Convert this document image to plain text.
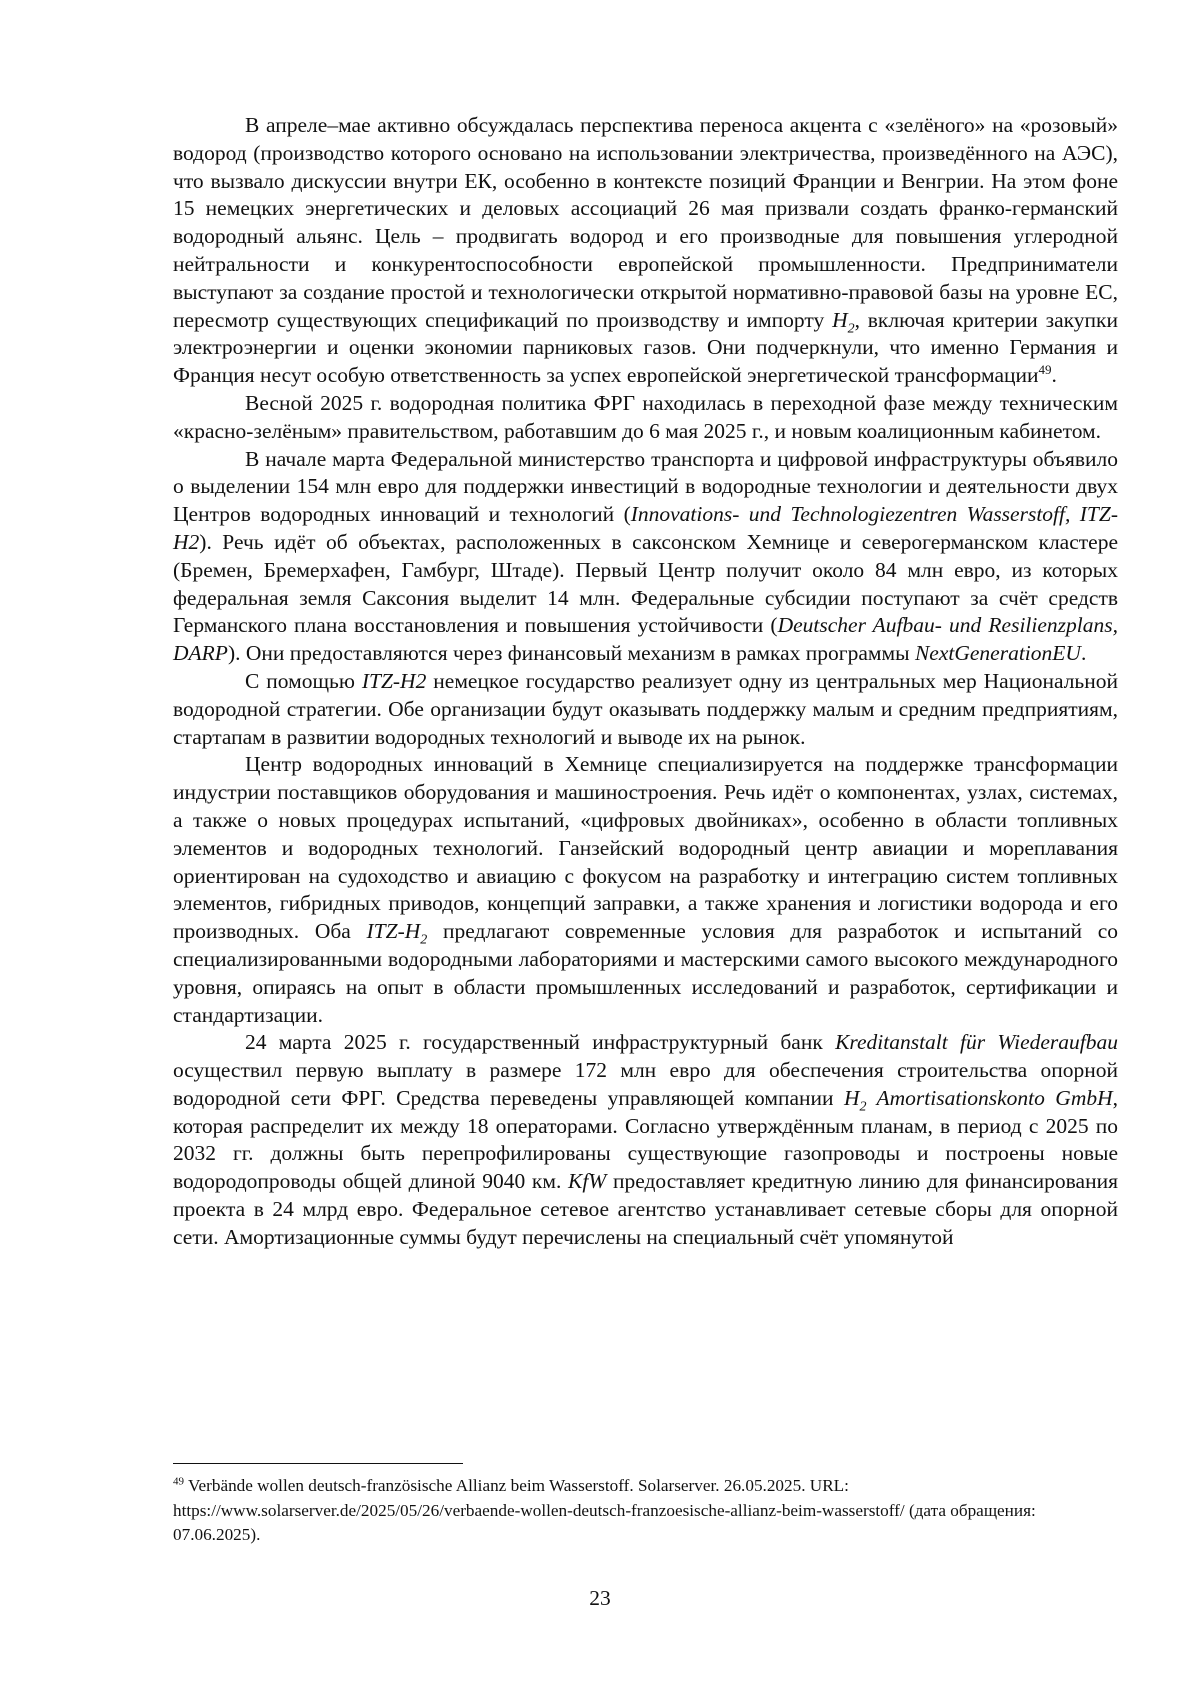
В апреле–мае активно обсуждалась перспектива переноса акцента с «зелёного» на «розовый» водород (производство которого основано на использовании электричества, произведённого на АЭС), что вызвало дискуссии внутри ЕК, особенно в контексте позиций Франции и Венгрии. На этом фоне 15 немецких энергетических и деловых ассоциаций 26 мая призвали создать франко-германский водородный альянс. Цель – продвигать водород и его производные для повышения углеродной нейтральности и конкурентоспособности европейской промышленности. Предприниматели выступают за создание простой и технологически открытой нормативно-правовой базы на уровне ЕС, пересмотр существующих спецификаций по производству и импорту $H_2$, включая критерии закупки электроэнергии и оценки экономии парниковых газов. Они подчеркнули, что именно Германия и Франция несут особую ответственность за успех европейской энергетической трансформации$^{49}$.

Весной 2025 г. водородная политика ФРГ находилась в переходной фазе между техническим «красно-зелёным» правительством, работавшим до 6 мая 2025 г., и новым коалиционным кабинетом.

В начале марта Федеральной министерство транспорта и цифровой инфраструктуры объявило о выделении 154 млн евро для поддержки инвестиций в водородные технологии и деятельности двух Центров водородных инноваций и технологий (Innovations- und Technologiezentren Wasserstoff, ITZ-H2). Речь идёт об объектах, расположенных в саксонском Хемнице и северогерманском кластере (Бремен, Бремерхафен, Гамбург, Штаде). Первый Центр получит около 84 млн евро, из которых федеральная земля Саксония выделит 14 млн. Федеральные субсидии поступают за счёт средств Германского плана восстановления и повышения устойчивости (Deutscher Aufbau- und Resilienzplans, DARP). Они предоставляются через финансовый механизм в рамках программы NextGenerationEU.

С помощью ITZ-H2 немецкое государство реализует одну из центральных мер Национальной водородной стратегии. Обе организации будут оказывать поддержку малым и средним предприятиям, стартапам в развитии водородных технологий и выводе их на рынок.

Центр водородных инноваций в Хемнице специализируется на поддержке трансформации индустрии поставщиков оборудования и машиностроения. Речь идёт о компонентах, узлах, системах, а также о новых процедурах испытаний, «цифровых двойниках», особенно в области топливных элементов и водородных технологий. Ганзейский водородный центр авиации и мореплавания ориентирован на судоходство и авиацию с фокусом на разработку и интеграцию систем топливных элементов, гибридных приводов, концепций заправки, а также хранения и логистики водорода и его производных. Оба ITZ-$H_2$ предлагают современные условия для разработок и испытаний со специализированными водородными лабораториями и мастерскими самого высокого международного уровня, опираясь на опыт в области промышленных исследований и разработок, сертификации и стандартизации.

24 марта 2025 г. государственный инфраструктурный банк Kreditanstalt für Wiederaufbau осуществил первую выплату в размере 172 млн евро для обеспечения строительства опорной водородной сети ФРГ. Средства переведены управляющей компании $H_2$ Amortisationskonto GmbH, которая распределит их между 18 операторами. Согласно утверждённым планам, в период с 2025 по 2032 гг. должны быть перепрофилированы существующие газопроводы и построены новые водородопроводы общей длиной 9040 км. KfW предоставляет кредитную линию для финансирования проекта в 24 млрд евро. Федеральное сетевое агентство устанавливает сетевые сборы для опорной сети. Амортизационные суммы будут перечислены на специальный счёт упомянутой

$^{49}$ Verbände wollen deutsch-französische Allianz beim Wasserstoff. Solarserver. 26.05.2025. URL: https://www.solarserver.de/2025/05/26/verbaende-wollen-deutsch-franzoesische-allianz-beim-wasserstoff/ (дата обращения: 07.06.2025).

23
